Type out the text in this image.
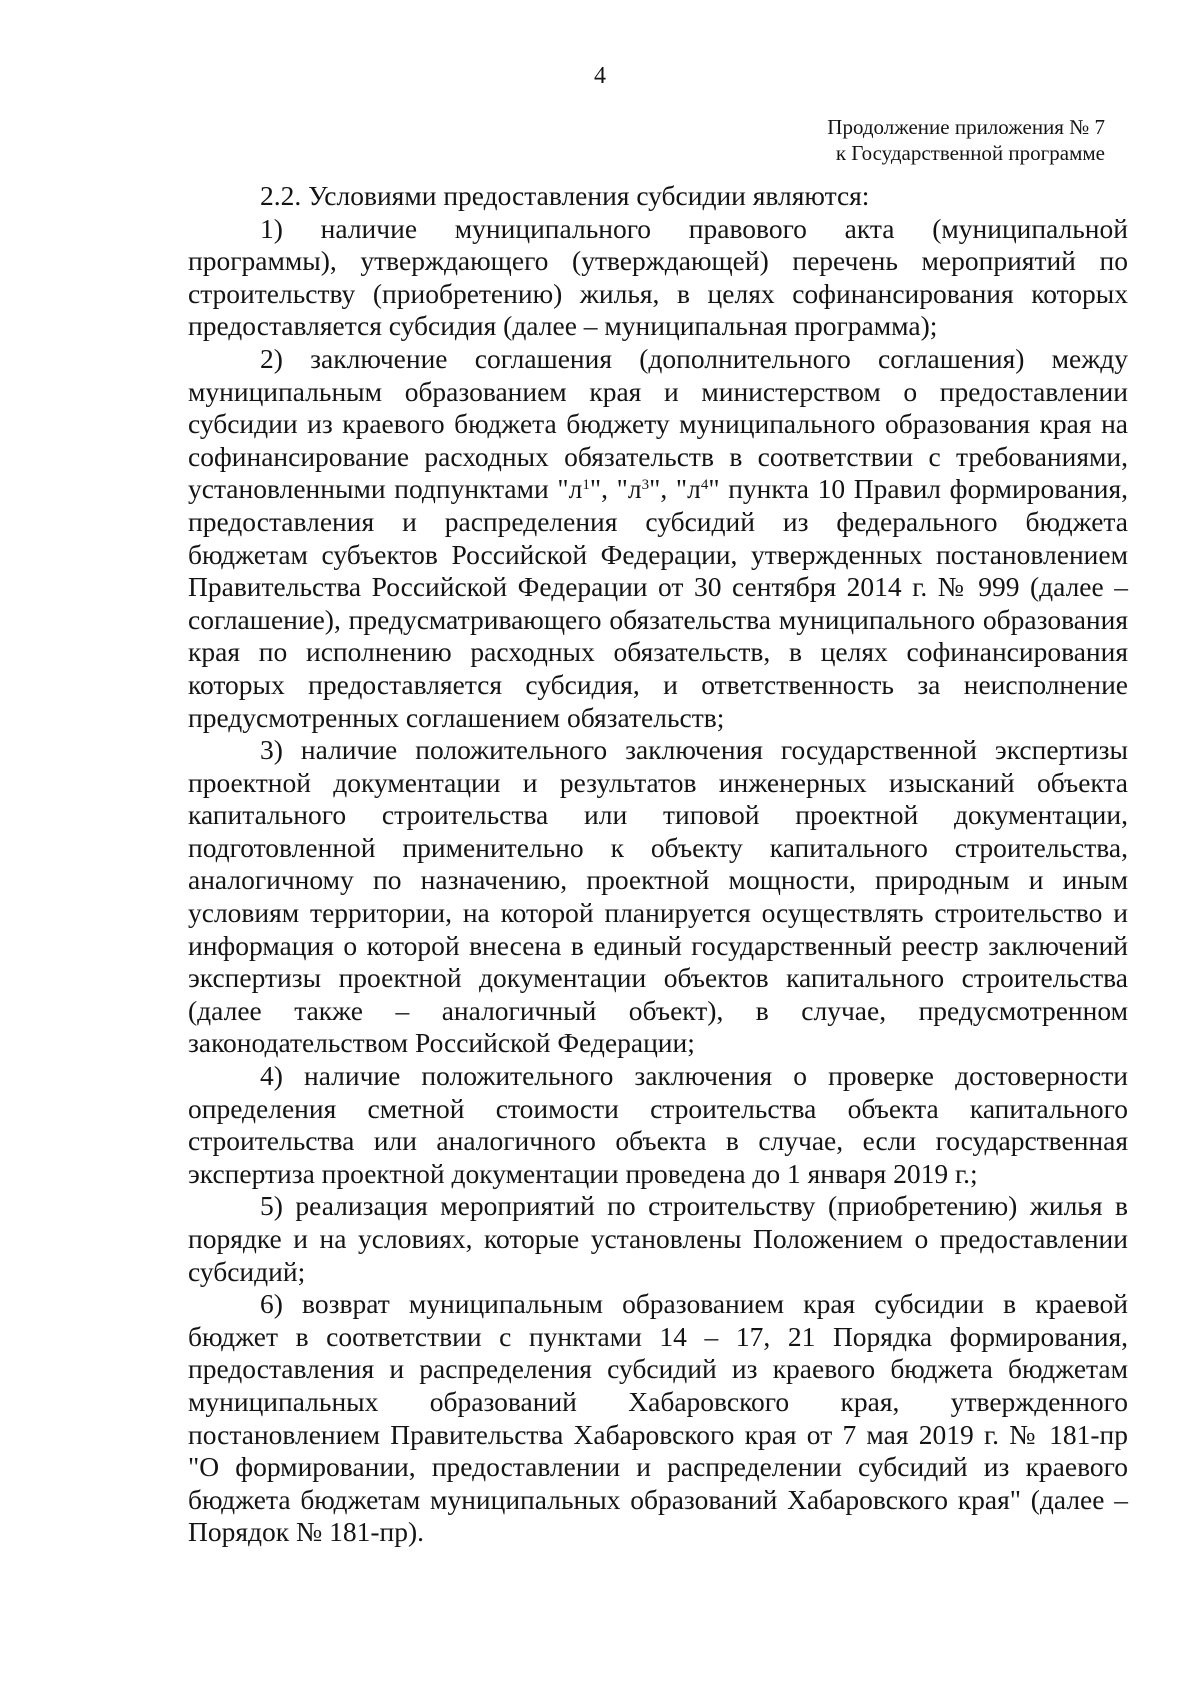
4
Продолжение приложения № 7
к Государственной программе

2.2. Условиями предоставления субсидии являются:

1) наличие муниципального правового акта (муниципальной программы), утверждающего (утверждающей) перечень мероприятий по строительству (приобретению) жилья, в целях софинансирования которых предоставляется субсидия (далее – муниципальная программа);

2) заключение соглашения (дополнительного соглашения) между муниципальным образованием края и министерством о предоставлении субсидии из краевого бюджета бюджету муниципального образования края на софинансирование расходных обязательств в соответствии с требованиями, установленными подпунктами "$л^1$", "$л^3$", "$л^4$" пункта 10 Правил формирования, предоставления и распределения субсидий из федерального бюджета бюджетам субъектов Российской Федерации, утвержденных постановлением Правительства Российской Федерации от 30 сентября 2014 г. № 999 (далее – соглашение), предусматривающего обязательства муниципального образования края по исполнению расходных обязательств, в целях софинансирования которых предоставляется субсидия, и ответственность за неисполнение предусмотренных соглашением обязательств;

3) наличие положительного заключения государственной экспертизы проектной документации и результатов инженерных изысканий объекта капитального строительства или типовой проектной документации, подготовленной применительно к объекту капитального строительства, аналогичному по назначению, проектной мощности, природным и иным условиям территории, на которой планируется осуществлять строительство и информация о которой внесена в единый государственный реестр заключений экспертизы проектной документации объектов капитального строительства (далее также – аналогичный объект), в случае, предусмотренном законодательством Российской Федерации;

4) наличие положительного заключения о проверке достоверности определения сметной стоимости строительства объекта капитального строительства или аналогичного объекта в случае, если государственная экспертиза проектной документации проведена до 1 января 2019 г.;

5) реализация мероприятий по строительству (приобретению) жилья в порядке и на условиях, которые установлены Положением о предоставлении субсидий;

6) возврат муниципальным образованием края субсидии в краевой бюджет в соответствии с пунктами 14 – 17, 21 Порядка формирования, предоставления и распределения субсидий из краевого бюджета бюджетам муниципальных образований Хабаровского края, утвержденного постановлением Правительства Хабаровского края от 7 мая 2019 г. № 181-пр "О формировании, предоставлении и распределении субсидий из краевого бюджета бюджетам муниципальных образований Хабаровского края" (далее – Порядок № 181-пр).
